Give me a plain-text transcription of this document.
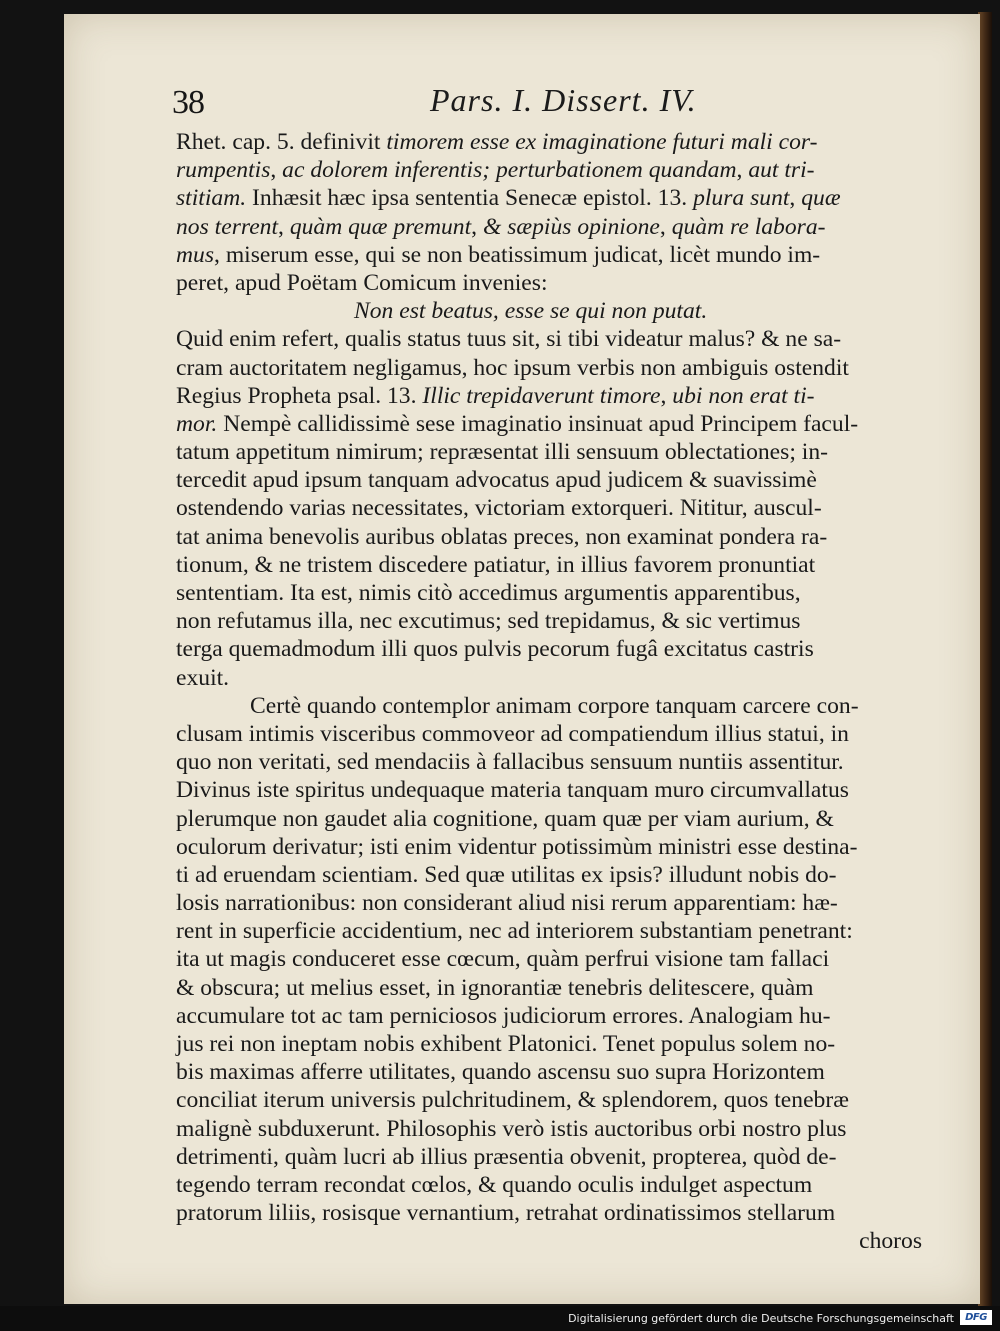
38	Pars. I. Dissert. IV.
Rhet. cap. 5. definivit timorem esse ex imaginatione futuri mali cor-
rumpentis, ac dolorem inferentis; perturbationem quandam, aut tri-
stitiam. Inhæsit hæc ipsa sententia Senecæ epistol. 13. plura sunt, quæ
nos terrent, quàm quæ premunt, & sæpiùs opinione, quàm re labora-
mus, miserum esse, qui se non beatissimum judicat, licèt mundo im-
peret, apud Poëtam Comicum invenies:
Non est beatus, esse se qui non putat.
Quid enim refert, qualis status tuus sit, si tibi videatur malus? & ne sa-
cram auctoritatem negligamus, hoc ipsum verbis non ambiguis ostendit
Regius Propheta psal. 13. Illic trepidaverunt timore, ubi non erat ti-
mor. Nempè callidissimè sese imaginatio insinuat apud Principem facul-
tatum appetitum nimirum; repræsentat illi sensuum oblectationes; in-
tercedit apud ipsum tanquam advocatus apud judicem & suavissimè
ostendendo varias necessitates, victoriam extorqueri. Nititur, auscul-
tat anima benevolis auribus oblatas preces, non examinat pondera ra-
tionum, & ne tristem discedere patiatur, in illius favorem pronuntiat
sententiam. Ita est, nimis citò accedimus argumentis apparentibus,
non refutamus illa, nec excutimus; sed trepidamus, & sic vertimus
terga quemadmodum illi quos pulvis pecorum fugâ excitatus castris
exuit.
Certè quando contemplor animam corpore tanquam carcere con-
clusam intimis visceribus commoveor ad compatiendum illius statui, in
quo non veritati, sed mendaciis à fallacibus sensuum nuntiis assentitur.
Divinus iste spiritus undequaque materia tanquam muro circumvallatus
plerumque non gaudet alia cognitione, quam quæ per viam aurium, &
oculorum derivatur; isti enim videntur potissimùm ministri esse destina-
ti ad eruendam scientiam. Sed quæ utilitas ex ipsis? illudunt nobis do-
losis narrationibus: non considerant aliud nisi rerum apparentiam: hæ-
rent in superficie accidentium, nec ad interiorem substantiam penetrant:
ita ut magis conduceret esse cœcum, quàm perfrui visione tam fallaci
& obscura; ut melius esset, in ignorantiæ tenebris delitescere, quàm
accumulare tot ac tam perniciosos judiciorum errores. Analogiam hu-
jus rei non ineptam nobis exhibent Platonici. Tenet populus solem no-
bis maximas afferre utilitates, quando ascensu suo supra Horizontem
conciliat iterum universis pulchritudinem, & splendorem, quos tenebræ
malignè subduxerunt. Philosophis verò istis auctoribus orbi nostro plus
detrimenti, quàm lucri ab illius præsentia obvenit, propterea, quòd de-
tegendo terram recondat cœlos, & quando oculis indulget aspectum
pratorum liliis, rosisque vernantium, retrahat ordinatissimos stellarum
choros
Digitalisierung gefördert durch die Deutsche Forschungsgemeinschaft	DFG
